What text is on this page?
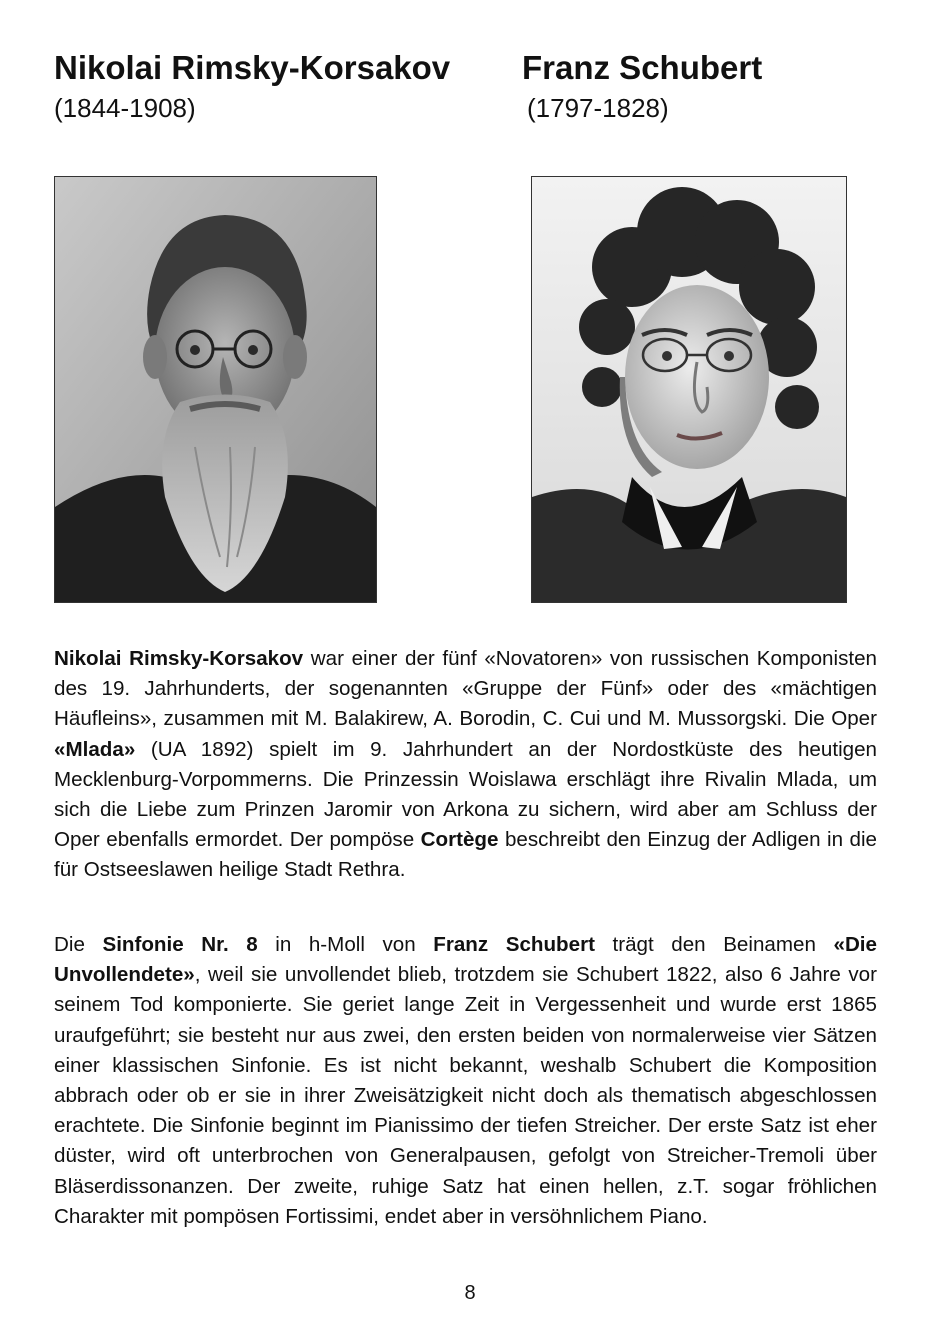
Nikolai Rimsky-Korsakov Franz Schubert

(1844-1908)	(1797-1828)

Nikolai Rimsky-Korsakov war einer der fünf «Novatoren» von russischen Komponisten des 19. Jahrhunderts, der sogenannten «Gruppe der Fünf» oder des «mächtigen Häufleins», zusammen mit M. Balakirew, A. Borodin, C. Cui und M. Mussorgski. Die Oper «Mlada» (UA 1892) spielt im 9. Jahrhundert an der Nordostküste des heutigen Mecklenburg-Vorpommerns. Die Prinzessin Woislawa erschlägt ihre Rivalin Mlada, um sich die Liebe zum Prinzen Jaromir von Arkona zu sichern, wird aber am Schluss der Oper ebenfalls ermordet. Der pompöse Cortège beschreibt den Einzug der Adligen in die für Ostseeslawen heilige Stadt Rethra.

Die Sinfonie Nr. 8 in h-Moll von Franz Schubert trägt den Beinamen «Die Unvollendete», weil sie unvollendet blieb, trotzdem sie Schubert 1822, also 6 Jahre vor seinem Tod komponierte. Sie geriet lange Zeit in Vergessenheit und wurde erst 1865 uraufgeführt; sie besteht nur aus zwei, den ersten beiden von normalerweise vier Sätzen einer klassischen Sinfonie. Es ist nicht bekannt, weshalb Schubert die Komposition abbrach oder ob er sie in ihrer Zweisätzigkeit nicht doch als thematisch abgeschlossen erachtete. Die Sinfonie beginnt im Pianissimo der tiefen Streicher. Der erste Satz ist eher düster, wird oft unterbrochen von Generalpausen, gefolgt von Streicher-Tremoli über Bläserdissonanzen. Der zweite, ruhige Satz hat einen hellen, z.T. sogar fröhlichen Charakter mit pompösen Fortissimi, endet aber in versöhnlichem Piano.

8
